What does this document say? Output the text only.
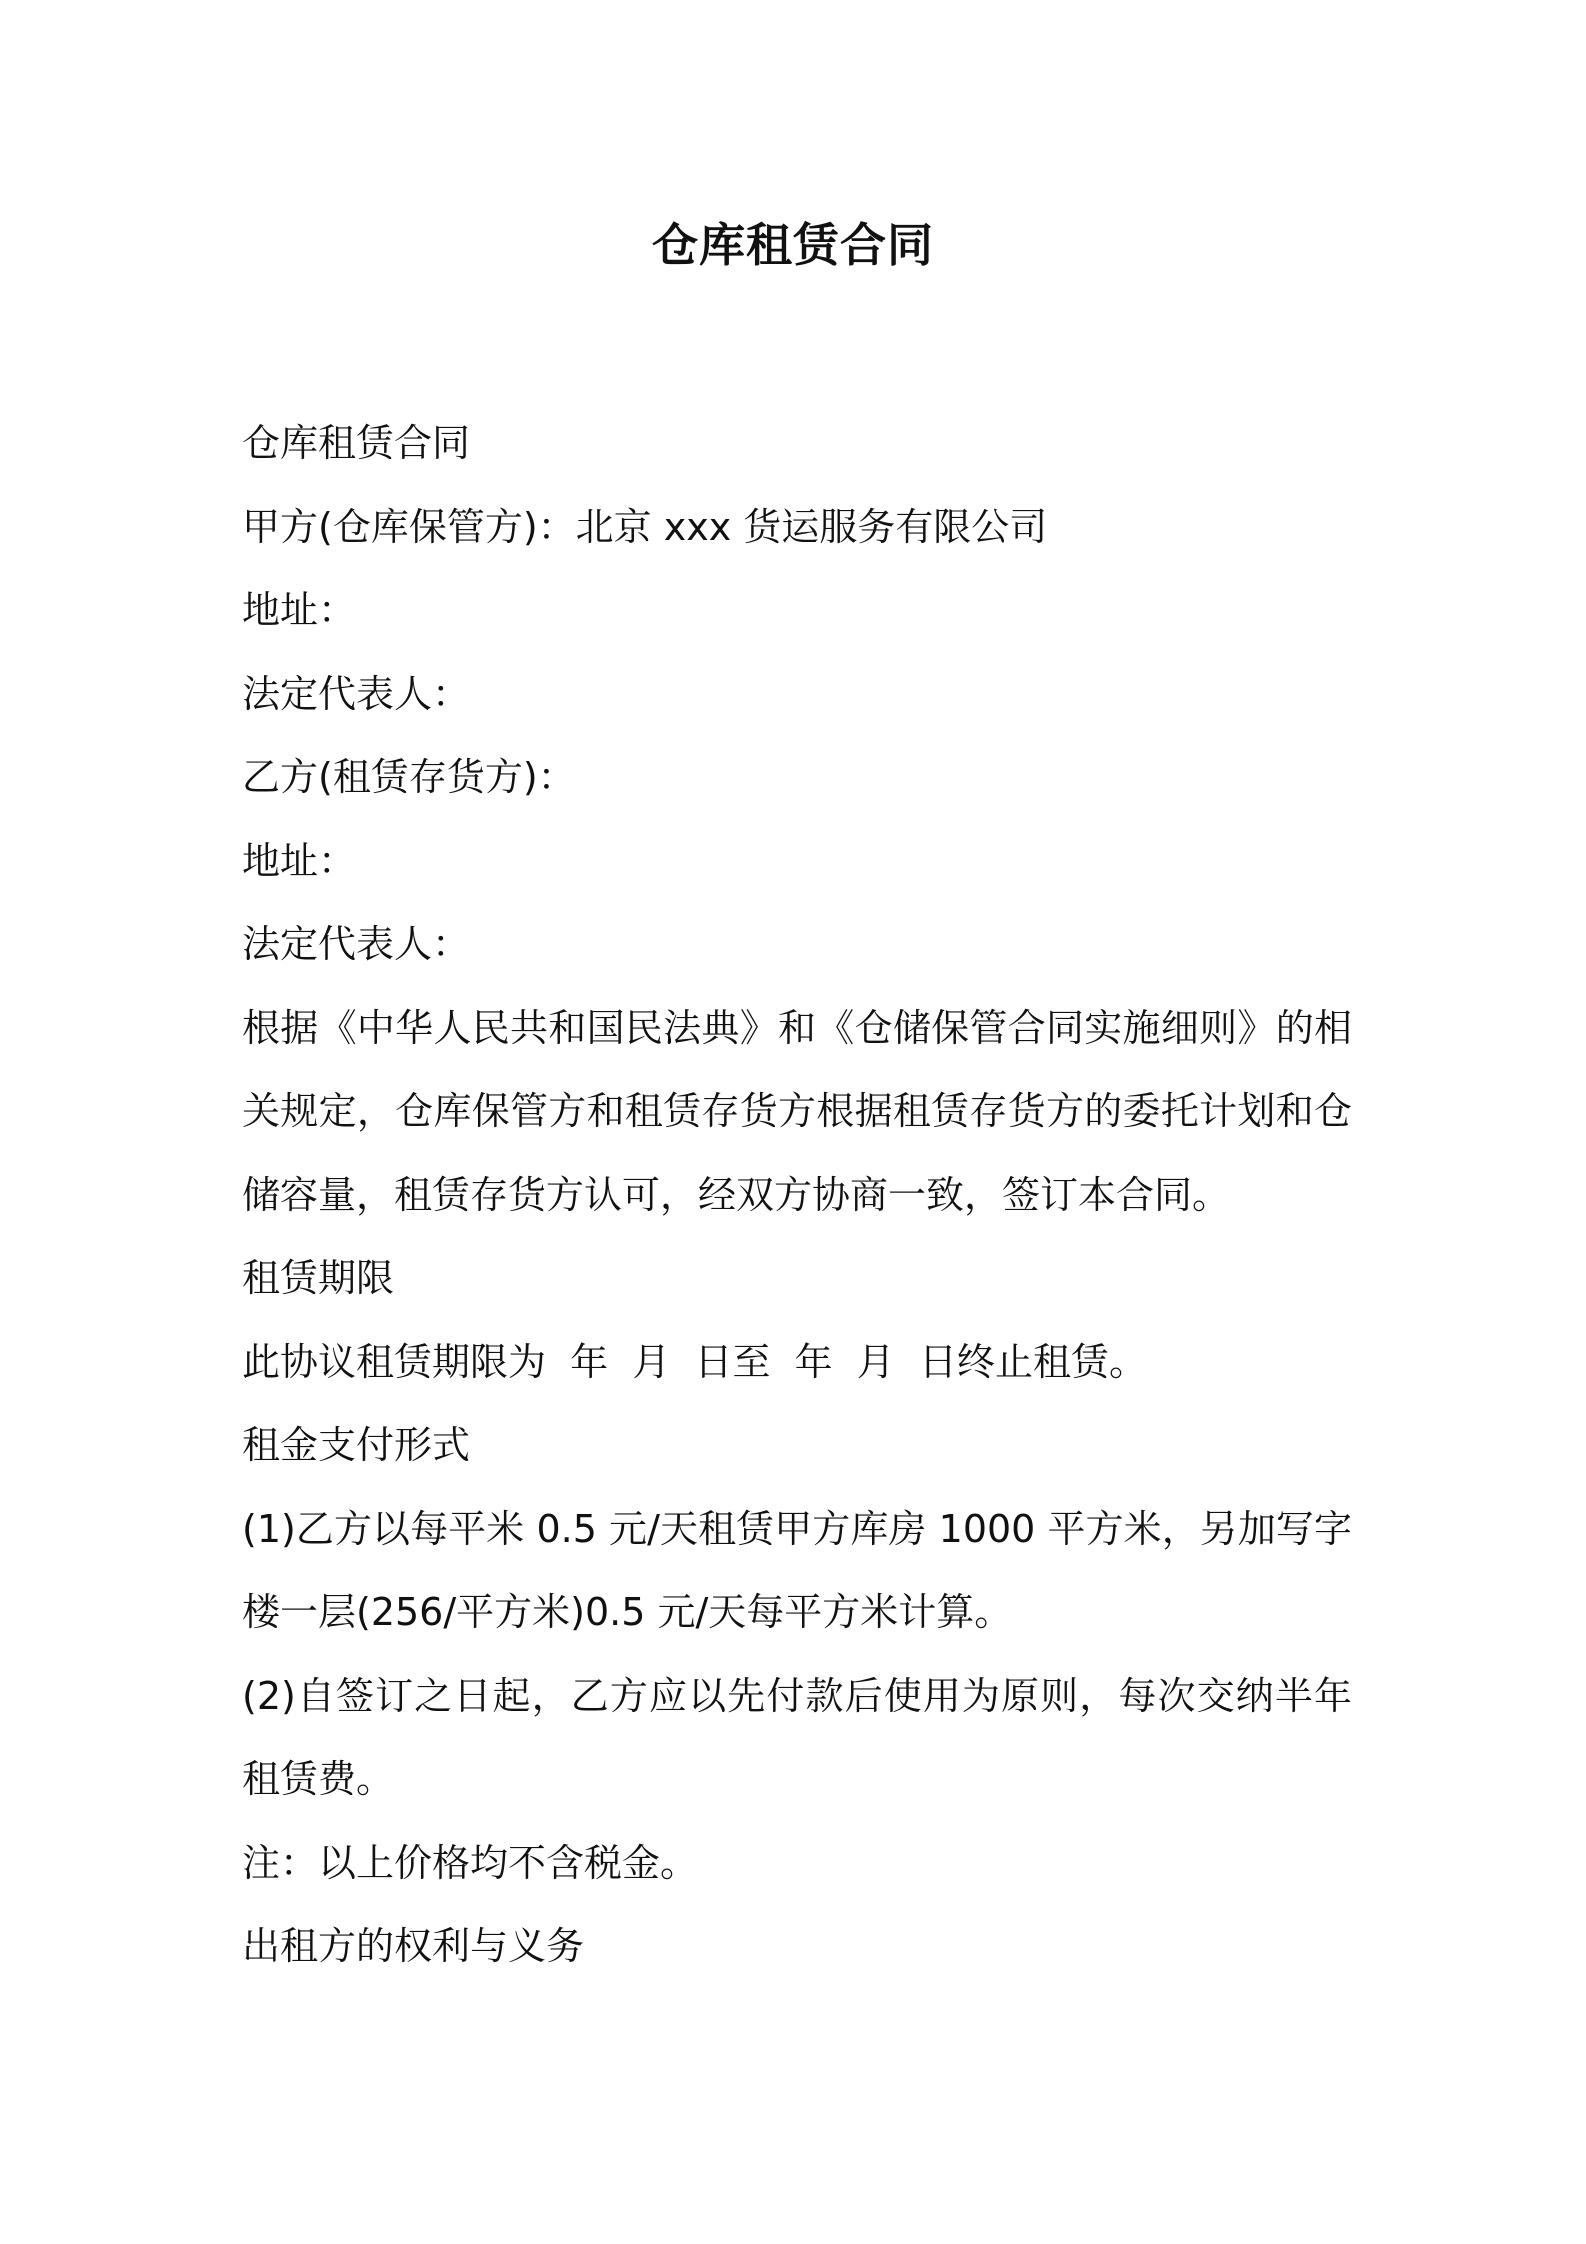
仓库租赁合同

仓库租赁合同

甲方(仓库保管方)：北京 xxx 货运服务有限公司

地址：

法定代表人：

乙方(租赁存货方)：

地址：

法定代表人：

根据《中华人民共和国民法典》和《仓储保管合同实施细则》的相关规定，仓库保管方和租赁存货方根据租赁存货方的委托计划和仓储容量，租赁存货方认可，经双方协商一致，签订本合同。

租赁期限

此协议租赁期限为  年  月  日至  年  月  日终止租赁。

租金支付形式

(1)乙方以每平米 0.5 元/天租赁甲方库房 1000 平方米，另加写字楼一层(256/平方米)0.5 元/天每平方米计算。

(2)自签订之日起，乙方应以先付款后使用为原则，每次交纳半年租赁费。

注：以上价格均不含税金。

出租方的权利与义务
